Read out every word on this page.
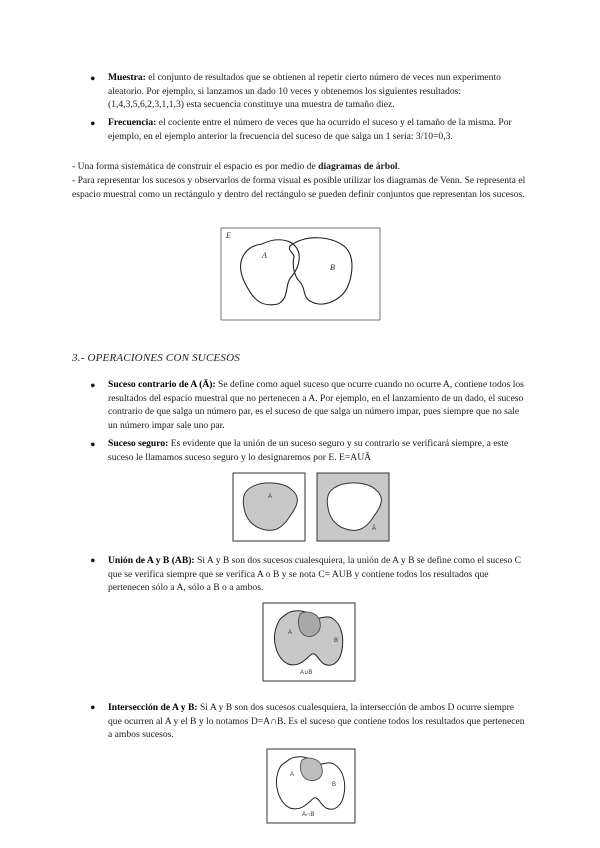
• Muestra: el conjunto de resultados que se obtienen al repetir cierto número de veces nun experimento aleatorio. Por ejemplo, si lanzamos un dado 10 veces y obtenemos los siguientes resultados: (1,4,3,5,6,2,3,1,1,3) esta secuencia constituye una muestra de tamaño diez.

• Frecuencia: el cociente entre el número de veces que ha ocurrido el suceso y el tamaño de la misma. Por ejemplo, en el ejemplo anterior la frecuencia del suceso de que salga un 1 sería: 3/10=0,3.

- Una forma sistemática de construir el espacio es por medio de diagramas de árbol.

- Para representar los sucesos y observarlos de forma visual es posible utilizar los diagramas de Venn. Se representa el espacio muestral como un rectángulo y dentro del rectángulo se pueden definir conjuntos que representan los sucesos.

E
A
B
3.- OPERACIONES CON SUCESOS
• Suceso contrario de A (Ā): Se define como aquel suceso que ocurre cuando no ocurre A, contiene todos los resultados del espacio muestral que no pertenecen a A. Por ejemplo, en el lanzamiento de un dado, el suceso contrario de que salga un número par, es el suceso de que salga un número impar, pues siempre que no sale un número impar sale uno par.

• Suceso seguro: Es evidente que la unión de un suceso seguro y su contrario se verificará siempre, a este suceso le llamamos suceso seguro y lo designaremos por E. E=AUĀ

A
Ā
• Unión de A y B (AB): Si A y B son dos sucesos cualesquiera, la unión de A y B se define como el suceso C que se verifica siempre que se verifica A o B y se nota C= AUB y contiene todos los resultados que pertenecen sólo a A, sólo a B o a ambos.

A
B
A∪B
• Intersección de A y B: Si A y B son dos sucesos cualesquiera, la intersección de ambos D ocurre siempre que ocurren al A y el B y lo notamos D=A∩B. Es el suceso que contiene todos los resultados que pertenecen a ambos sucesos.

A
B
A∩B
